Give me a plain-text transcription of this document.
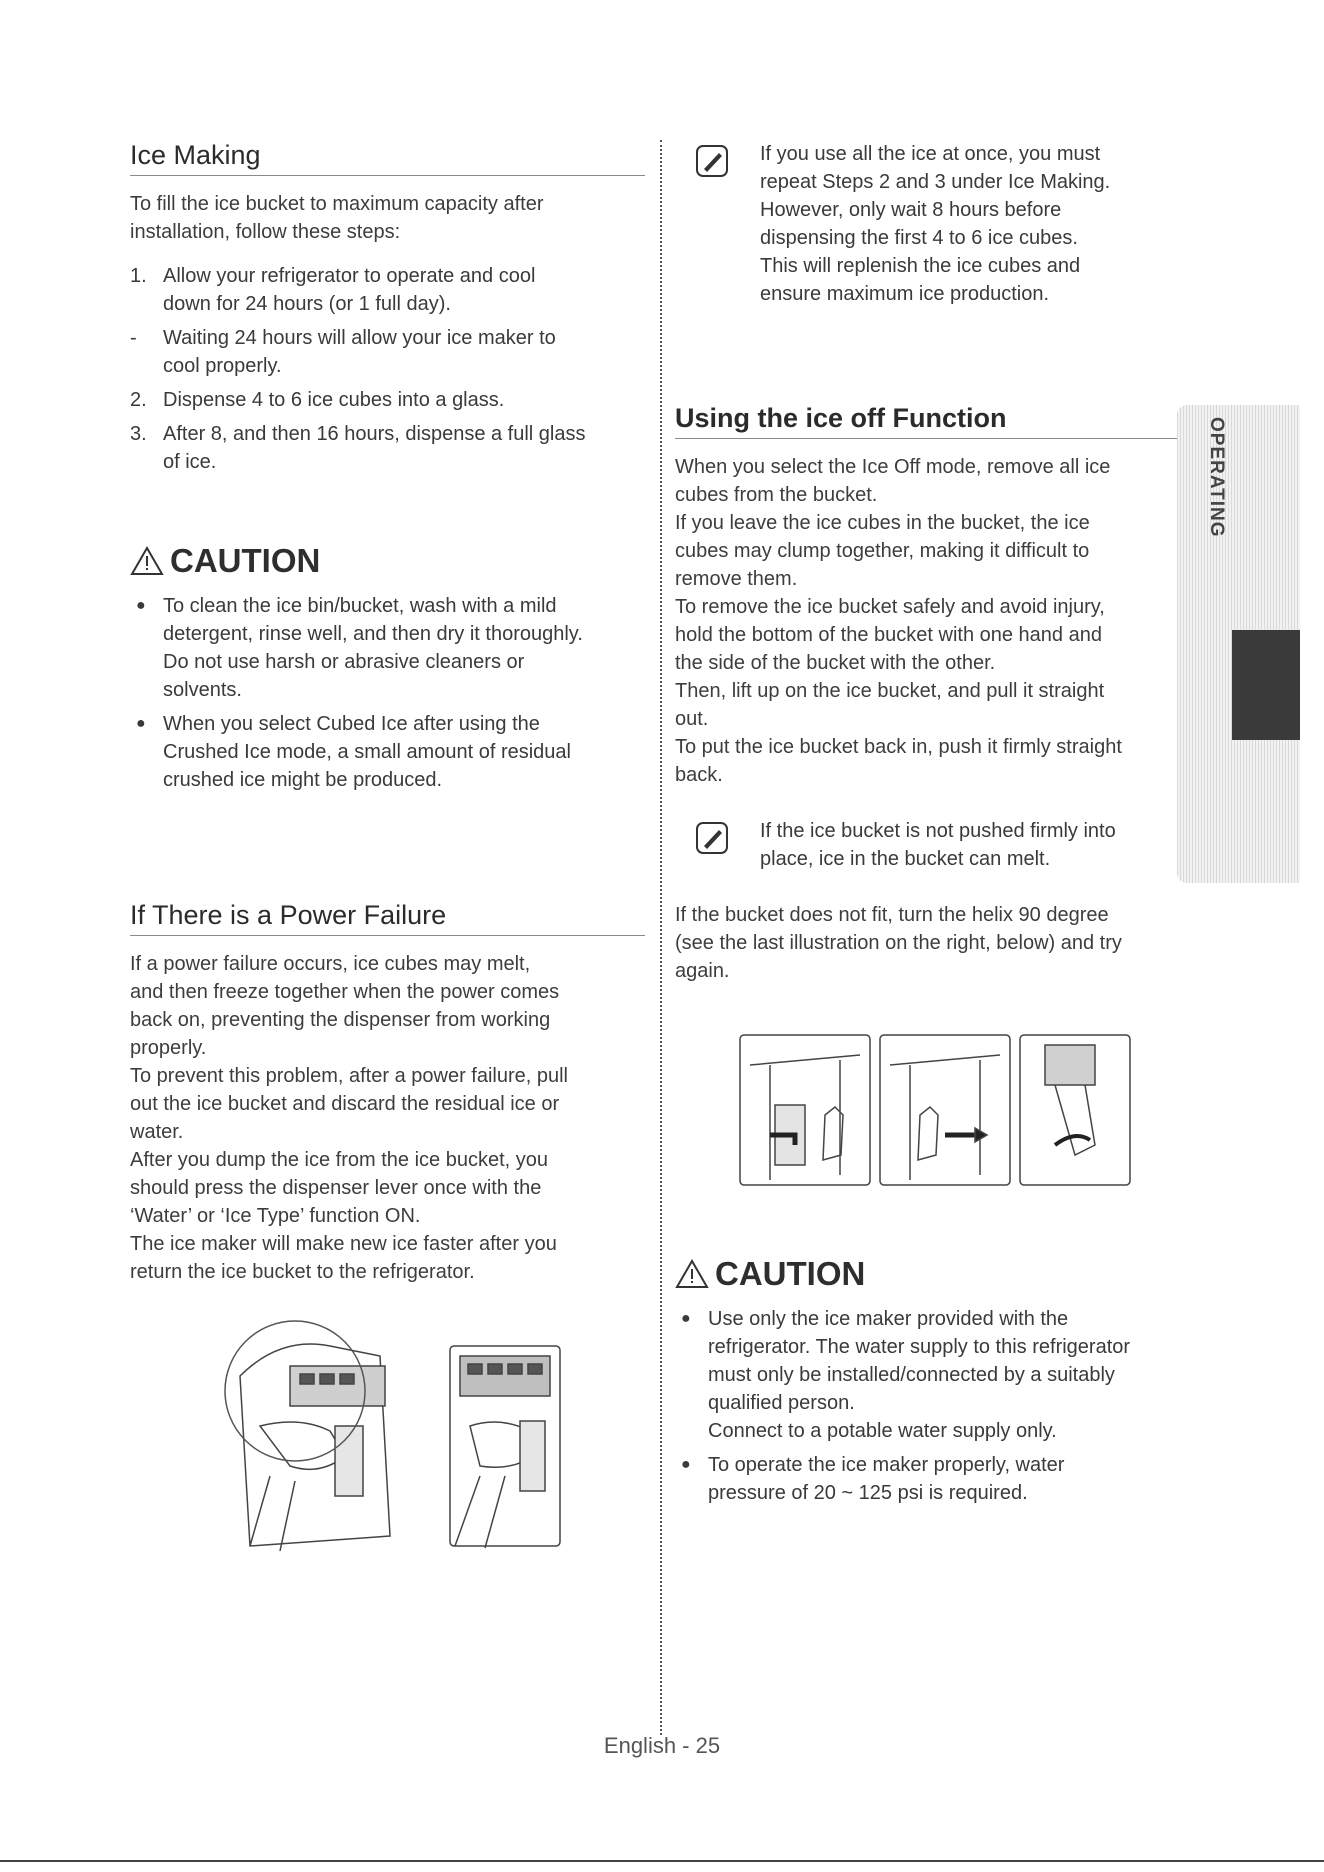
Ice Making

To fill the ice bucket to maximum capacity after

installation, follow these steps:

1. Allow your refrigerator to operate and cool
down for 24 hours (or 1 full day).
- Waiting 24 hours will allow your ice maker to
cool properly.
2. Dispense 4 to 6 ice cubes into a glass.
3. After 8, and then 16 hours, dispense a full glass
of ice.
CAUTION
● To clean the ice bin/bucket, wash with a mild
detergent, rinse well, and then dry it thoroughly.
Do not use harsh or abrasive cleaners or
solvents.
● When you select Cubed Ice after using the
Crushed Ice mode, a small amount of residual
crushed ice might be produced.
If There is a Power Failure

If a power failure occurs, ice cubes may melt,

and then freeze together when the power comes

back on, preventing the dispenser from working

properly.

To prevent this problem, after a power failure, pull

out the ice bucket and discard the residual ice or

water.

After you dump the ice from the ice bucket, you

should press the dispenser lever once with the

‘Water’ or ‘Ice Type’ function ON.

The ice maker will make new ice faster after you

return the ice bucket to the refrigerator.

If you use all the ice at once, you must
repeat Steps 2 and 3 under Ice Making.
However, only wait 8 hours before
dispensing the first 4 to 6 ice cubes.
This will replenish the ice cubes and
ensure maximum ice production.
Using the ice off Function

When you select the Ice Off mode, remove all ice

cubes from the bucket.

If you leave the ice cubes in the bucket, the ice

cubes may clump together, making it difficult to

remove them.

To remove the ice bucket safely and avoid injury,

hold the bottom of the bucket with one hand and

the side of the bucket with the other.

Then, lift up on the ice bucket, and pull it straight

out.

To put the ice bucket back in, push it firmly straight

back.

If the ice bucket is not pushed firmly into
place, ice in the bucket can melt.

If the bucket does not fit, turn the helix 90 degree

(see the last illustration on the right, below) and try

again.

CAUTION
● Use only the ice maker provided with the
refrigerator. The water supply to this refrigerator
must only be installed/connected by a suitably
qualified person.
Connect to a potable water supply only.
● To operate the ice maker properly, water
pressure of 20 ~ 125 psi is required.
OPERATING
English - 25
